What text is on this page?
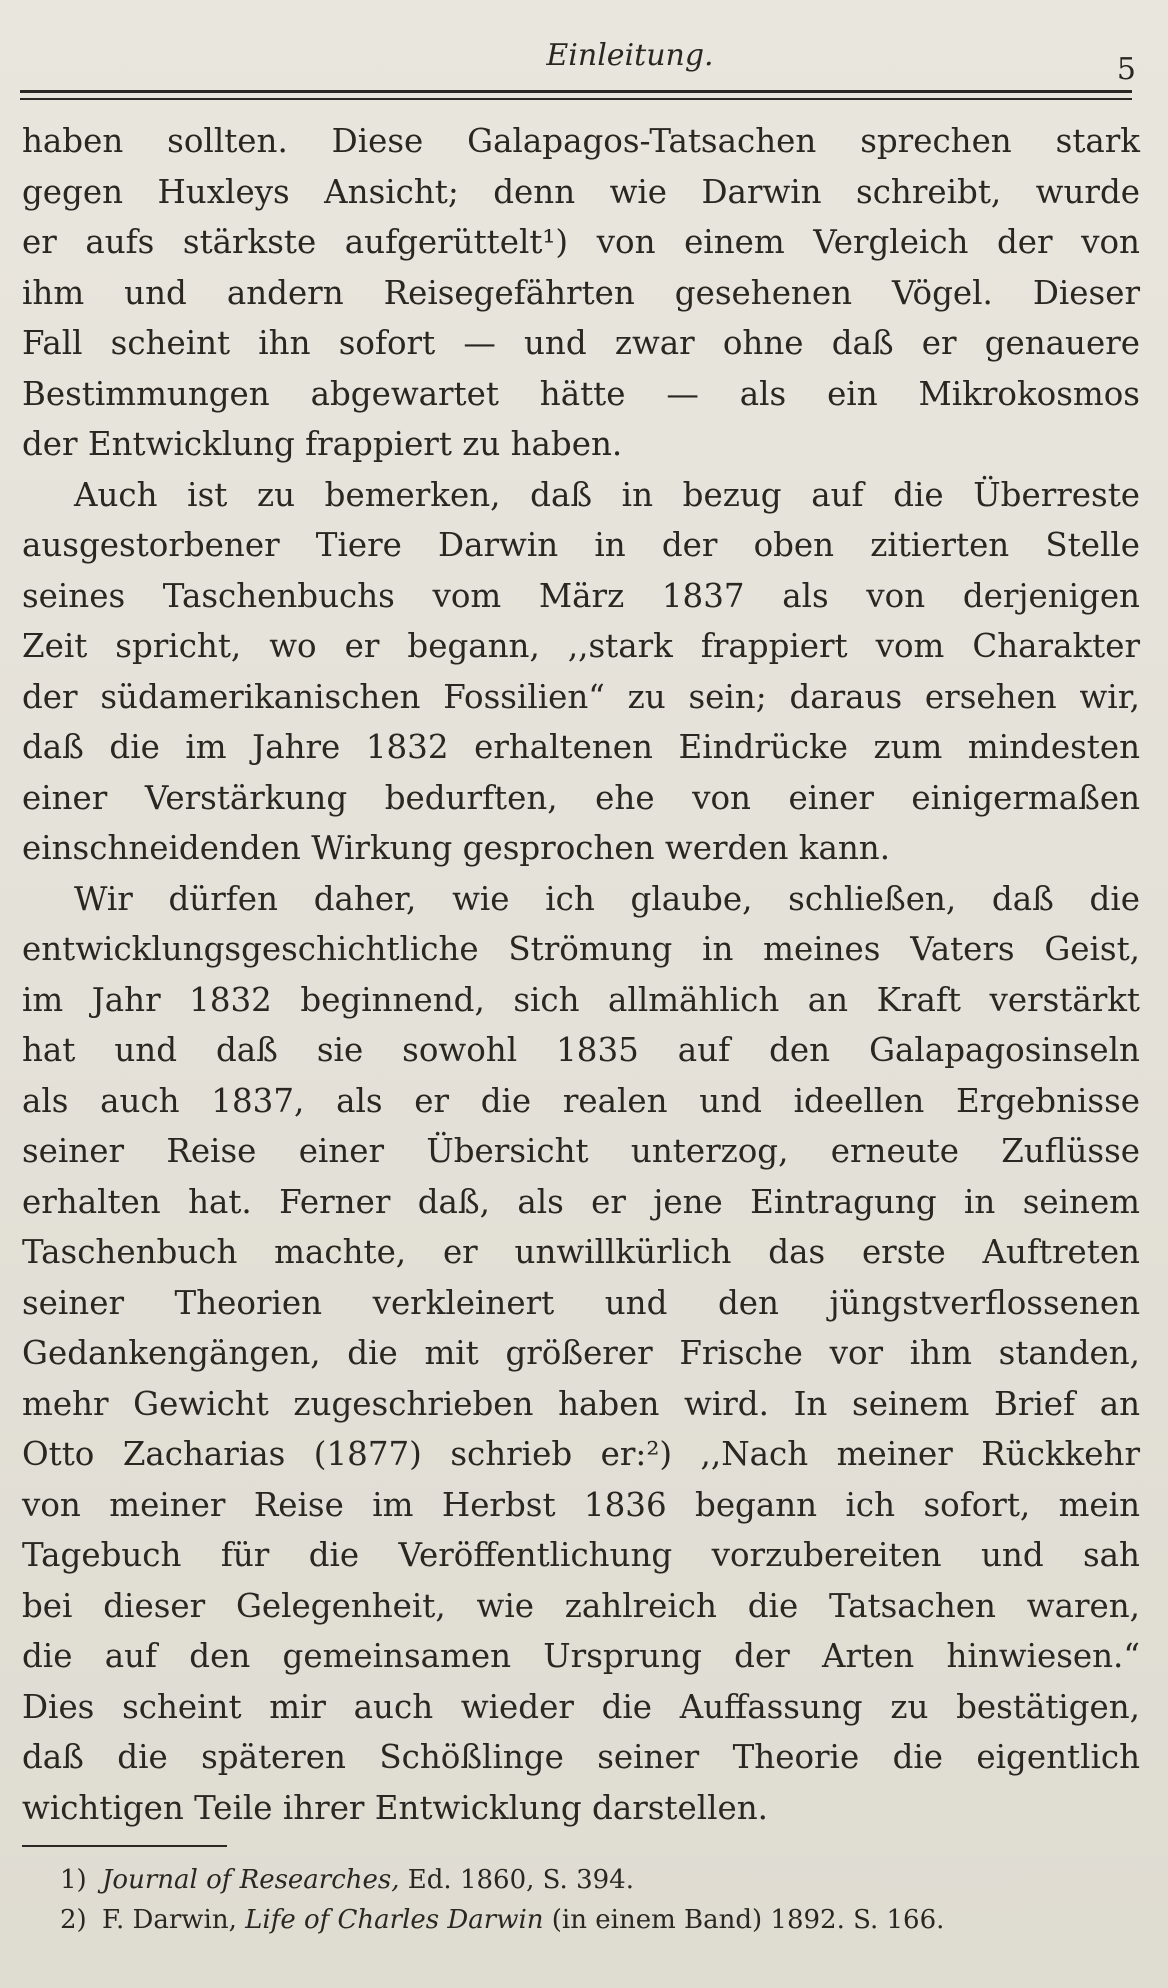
Einleitung.	5
haben sollten. Diese Galapagos-Tatsachen sprechen stark
gegen Huxleys Ansicht; denn wie Darwin schreibt, wurde
er aufs stärkste aufgerüttelt¹) von einem Vergleich der von
ihm und andern Reisegefährten gesehenen Vögel. Dieser
Fall scheint ihn sofort — und zwar ohne daß er genauere
Bestimmungen abgewartet hätte — als ein Mikrokosmos
der Entwicklung frappiert zu haben.
Auch ist zu bemerken, daß in bezug auf die Überreste
ausgestorbener Tiere Darwin in der oben zitierten Stelle
seines Taschenbuchs vom März 1837 als von derjenigen
Zeit spricht, wo er begann, ,,stark frappiert vom Charakter
der südamerikanischen Fossilien“ zu sein; daraus ersehen wir,
daß die im Jahre 1832 erhaltenen Eindrücke zum mindesten
einer Verstärkung bedurften, ehe von einer einigermaßen
einschneidenden Wirkung gesprochen werden kann.
Wir dürfen daher, wie ich glaube, schließen, daß die
entwicklungsgeschichtliche Strömung in meines Vaters Geist,
im Jahr 1832 beginnend, sich allmählich an Kraft verstärkt
hat und daß sie sowohl 1835 auf den Galapagosinseln
als auch 1837, als er die realen und ideellen Ergebnisse
seiner Reise einer Übersicht unterzog, erneute Zuflüsse
erhalten hat. Ferner daß, als er jene Eintragung in seinem
Taschenbuch machte, er unwillkürlich das erste Auftreten
seiner Theorien verkleinert und den jüngstverflossenen
Gedankengängen, die mit größerer Frische vor ihm standen,
mehr Gewicht zugeschrieben haben wird. In seinem Brief an
Otto Zacharias (1877) schrieb er:²) ,,Nach meiner Rückkehr
von meiner Reise im Herbst 1836 begann ich sofort, mein
Tagebuch für die Veröffentlichung vorzubereiten und sah
bei dieser Gelegenheit, wie zahlreich die Tatsachen waren,
die auf den gemeinsamen Ursprung der Arten hinwiesen.“
Dies scheint mir auch wieder die Auffassung zu bestätigen,
daß die späteren Schößlinge seiner Theorie die eigentlich
wichtigen Teile ihrer Entwicklung darstellen.
1) Journal of Researches, Ed. 1860, S. 394.
2) F. Darwin, Life of Charles Darwin (in einem Band) 1892. S. 166.
